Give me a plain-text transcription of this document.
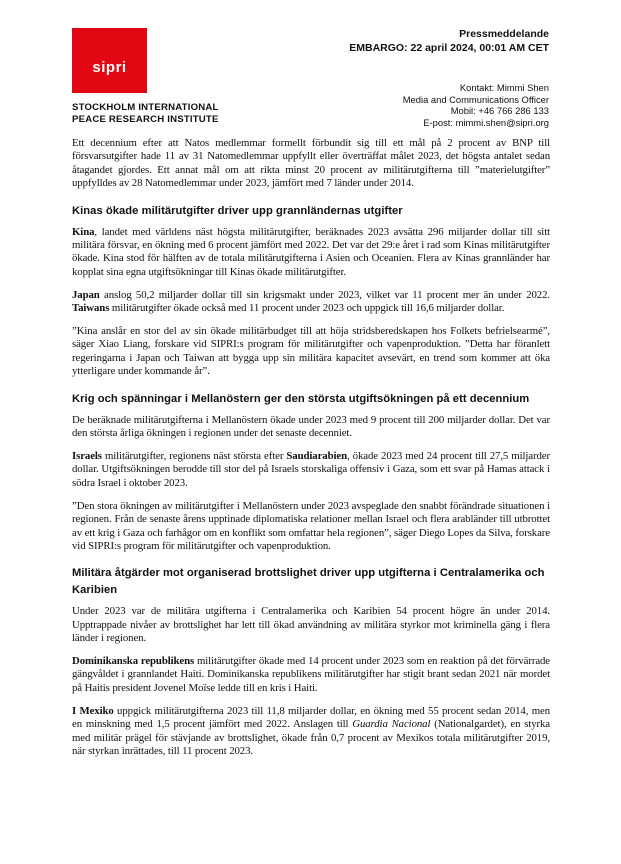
sipri
STOCKHOLM INTERNATIONAL
PEACE RESEARCH INSTITUTE
Pressmeddelande
EMBARGO: 22 april 2024, 00:01 AM CET
Kontakt: Mimmi Shen
Media and Communications Officer
Mobil: +46 766 286 133
E-post: mimmi.shen@sipri.org

Ett decennium efter att Natos medlemmar formellt förbundit sig till ett mål på 2 procent av BNP till försvarsutgifter hade 11 av 31 Natomedlemmar uppfyllt eller överträffat målet 2023, det högsta antalet sedan åtagandet gjordes. Ett annat mål om att rikta minst 20 procent av militärutgifterna till ”materielutgifter” uppfylldes av 28 Natomedlemmar under 2023, jämfört med 7 länder under 2014.

Kinas ökade militärutgifter driver upp grannländernas utgifter

Kina, landet med världens näst högsta militärutgifter, beräknades 2023 avsätta 296 miljarder dollar till sitt militära försvar, en ökning med 6 procent jämfört med 2022. Det var det 29:e året i rad som Kinas militärutgifter ökade. Kina stod för hälften av de totala militärutgifterna i Asien och Oceanien. Flera av Kinas grannländer har kopplat sina egna utgiftsökningar till Kinas ökade militärutgifter.

Japan anslog 50,2 miljarder dollar till sin krigsmakt under 2023, vilket var 11 procent mer än under 2022. Taiwans militärutgifter ökade också med 11 procent under 2023 och uppgick till 16,6 miljarder dollar.

”Kina anslår en stor del av sin ökade militärbudget till att höja stridsberedskapen hos Folkets befrielsearmé”, säger Xiao Liang, forskare vid SIPRI:s program för militärutgifter och vapenproduktion. ”Detta har föranlett regeringarna i Japan och Taiwan att bygga upp sin militära kapacitet avsevärt, en trend som kommer att öka ytterligare under kommande år”.

Krig och spänningar i Mellanöstern ger den största utgiftsökningen på ett decennium

De beräknade militärutgifterna i Mellanöstern ökade under 2023 med 9 procent till 200 miljarder dollar. Det var den största årliga ökningen i regionen under det senaste decenniet.

Israels militärutgifter, regionens näst största efter Saudiarabien, ökade 2023 med 24 procent till 27,5 miljarder dollar. Utgiftsökningen berodde till stor del på Israels storskaliga offensiv i Gaza, som ett svar på Hamas attack i södra Israel i oktober 2023.

”Den stora ökningen av militärutgifter i Mellanöstern under 2023 avspeglade den snabbt förändrade situationen i regionen. Från de senaste årens upptinade diplomatiska relationer mellan Israel och flera arabländer till utbrottet av ett krig i Gaza och farhågor om en konflikt som omfattar hela regionen”, säger Diego Lopes da Silva, forskare vid SIPRI:s program för militärutgifter och vapenproduktion.

Militära åtgärder mot organiserad brottslighet driver upp utgifterna i Centralamerika och Karibien

Under 2023 var de militära utgifterna i Centralamerika och Karibien 54 procent högre än under 2014. Upptrappade nivåer av brottslighet har lett till ökad användning av militära styrkor mot kriminella gäng i flera länder i regionen.

Dominikanska republikens militärutgifter ökade med 14 procent under 2023 som en reaktion på det förvärrade gängvåldet i grannlandet Haiti. Dominikanska republikens militärutgifter har stigit brant sedan 2021 när mordet på Haitis president Jovenel Moïse ledde till en kris i Haiti.

I Mexiko uppgick militärutgifterna 2023 till 11,8 miljarder dollar, en ökning med 55 procent sedan 2014, men en minskning med 1,5 procent jämfört med 2022. Anslagen till Guardia Nacional (Nationalgardet), en styrka med militär prägel för stävjande av brottslighet, ökade från 0,7 procent av Mexikos totala militärutgifter 2019, när styrkan inrättades, till 11 procent 2023.
